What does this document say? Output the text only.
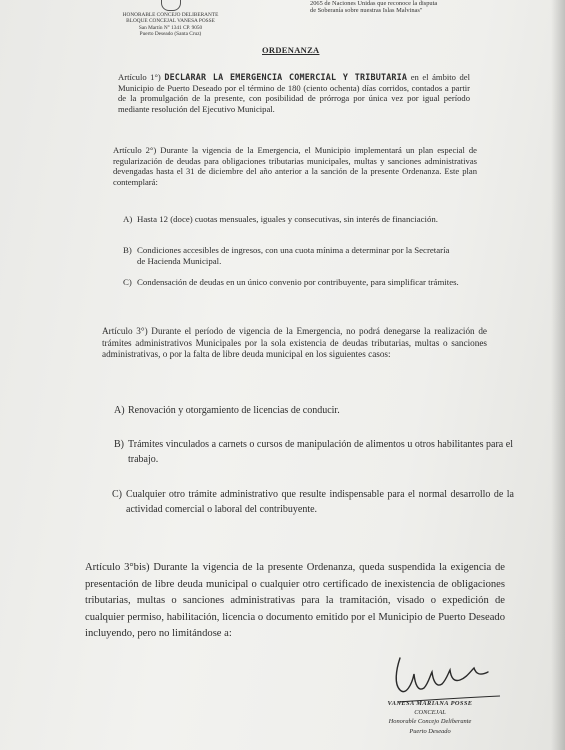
HONORABLE CONCEJO DELIBERANTE
BLOQUE CONCEJAL VANESA POSSE
San Martín N° 1341 CP. 9050
Puerto Deseado (Santa Cruz)
2065 de Naciones Unidas que reconoce la disputa
de Soberanía sobre nuestras Islas Malvinas"
ORDENANZA
Artículo 1°) DECLARAR LA EMERGENCIA COMERCIAL Y TRIBUTARIA en el ámbito del Municipio de Puerto Deseado por el término de 180 (ciento ochenta) días corridos, contados a partir de la promulgación de la presente, con posibilidad de prórroga por única vez por igual período mediante resolución del Ejecutivo Municipal.
Artículo 2°) Durante la vigencia de la Emergencia, el Municipio implementará un plan especial de regularización de deudas para obligaciones tributarias municipales, multas y sanciones administrativas devengadas hasta el 31 de diciembre del año anterior a la sanción de la presente Ordenanza. Este plan contemplará:
A) Hasta 12 (doce) cuotas mensuales, iguales y consecutivas, sin interés de financiación.
B) Condiciones accesibles de ingresos, con una cuota mínima a determinar por la Secretaría de Hacienda Municipal.
C) Condensación de deudas en un único convenio por contribuyente, para simplificar trámites.
Artículo 3°) Durante el período de vigencia de la Emergencia, no podrá denegarse la realización de trámites administrativos Municipales por la sola existencia de deudas tributarias, multas o sanciones administrativas, o por la falta de libre deuda municipal en los siguientes casos:
A) Renovación y otorgamiento de licencias de conducir.
B) Trámites vinculados a carnets o cursos de manipulación de alimentos u otros habilitantes para el trabajo.
C) Cualquier otro trámite administrativo que resulte indispensable para el normal desarrollo de la actividad comercial o laboral del contribuyente.
Artículo 3°bis) Durante la vigencia de la presente Ordenanza, queda suspendida la exigencia de presentación de libre deuda municipal o cualquier otro certificado de inexistencia de obligaciones tributarias, multas o sanciones administrativas para la tramitación, visado o expedición de cualquier permiso, habilitación, licencia o documento emitido por el Municipio de Puerto Deseado incluyendo, pero no limitándose a:
VANESA MARIANA POSSE
CONCEJAL
Honorable Concejo Deliberante
Puerto Deseado
